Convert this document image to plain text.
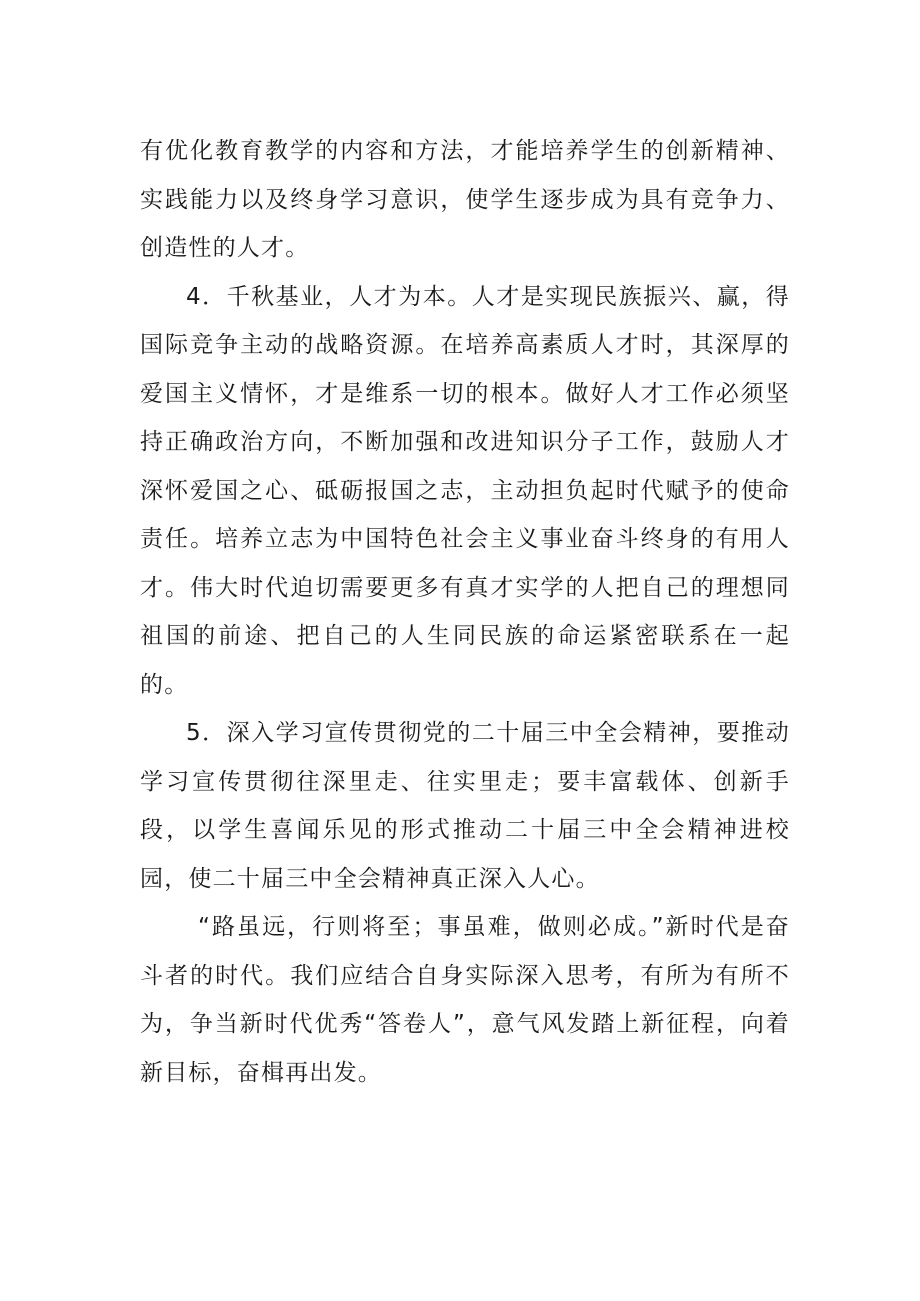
有优化教育教学的内容和方法，才能培养学生的创新精神、实践能力以及终身学习意识，使学生逐步成为具有竞争力、创造性的人才。

4．千秋基业，人才为本。人才是实现民族振兴、赢，得国际竞争主动的战略资源。在培养高素质人才时，其深厚的爱国主义情怀，才是维系一切的根本。做好人才工作必须坚持正确政治方向，不断加强和改进知识分子工作，鼓励人才深怀爱国之心、砥砺报国之志，主动担负起时代赋予的使命责任。培养立志为中国特色社会主义事业奋斗终身的有用人才。伟大时代迫切需要更多有真才实学的人把自己的理想同祖国的前途、把自己的人生同民族的命运紧密联系在一起的。

5．深入学习宣传贯彻党的二十届三中全会精神，要推动学习宣传贯彻往深里走、往实里走；要丰富载体、创新手段，以学生喜闻乐见的形式推动二十届三中全会精神进校园，使二十届三中全会精神真正深入人心。

“路虽远，行则将至；事虽难，做则必成。”新时代是奋斗者的时代。我们应结合自身实际深入思考，有所为有所不为，争当新时代优秀“答卷人”，意气风发踏上新征程，向着新目标，奋楫再出发。
